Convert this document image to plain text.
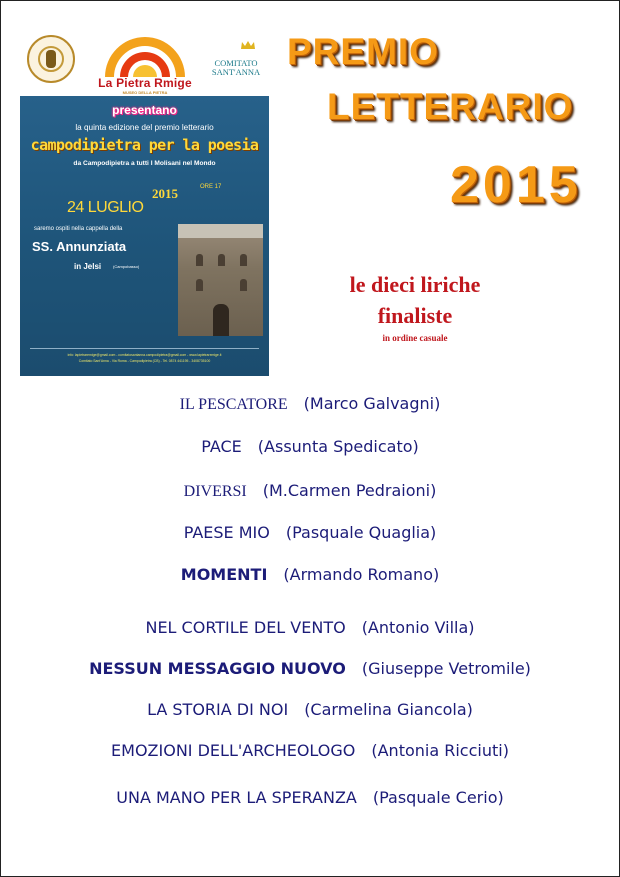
La Pietra Rmige
MUSEO DELLA PIETRA
COMITATO SANT'ANNA
presentano
la quinta edizione del premio letterario
campodipietra per la poesia
da Campodipietra a tutti I Molisani nel Mondo
2015	ORE 17
24 LUGLIO
saremo ospiti nella cappella della
SS. Annunziata
in Jelsi	(Campobasso)
info: lapietraremige@gmail.com - comitatosantanna.campodipietra@gmail.com - www.lapietraremige.it
Comitato Sant'Anna - Via Roma - Campodipietra (CB) - Tel. 0874 441195 - 3408735100
PREMIO
LETTERARIO
2015
le dieci liriche
finaliste
in ordine casuale
IL PESCATORE (Marco Galvagni)
PACE (Assunta Spedicato)
DIVERSI (M.Carmen Pedraioni)
PAESE MIO (Pasquale Quaglia)
MOMENTI (Armando Romano)
NEL CORTILE DEL VENTO (Antonio Villa)
NESSUN MESSAGGIO NUOVO (Giuseppe Vetromile)
LA STORIA DI NOI (Carmelina Giancola)
EMOZIONI DELL'ARCHEOLOGO (Antonia Ricciuti)
UNA MANO PER LA SPERANZA (Pasquale Cerio)
